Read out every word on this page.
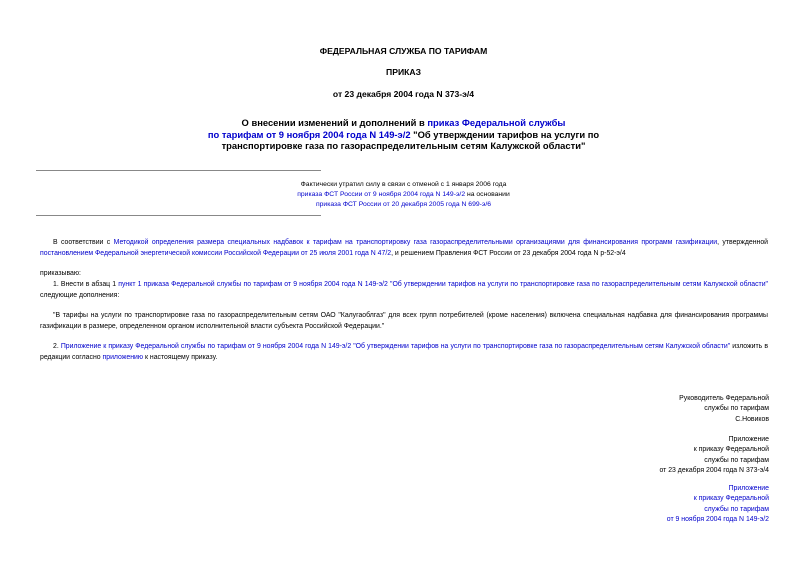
ФЕДЕРАЛЬНАЯ СЛУЖБА ПО ТАРИФАМ
ПРИКАЗ
от 23 декабря 2004 года N 373-э/4
О внесении изменений и дополнений в приказ Федеральной службы
по тарифам от 9 ноября 2004 года N 149-э/2 "Об утверждении тарифов на услуги по
транспортировке газа по газораспределительным сетям Калужской области"
Фактически утратил силу в связи с отменой с 1 января 2006 года
приказа ФСТ России от 9 ноября 2004 года N 149-э/2 на основании
приказа ФСТ России от 20 декабря 2005 года N 699-э/6
В соответствии с Методикой определения размера специальных надбавок к тарифам на транспортировку газа газораспределительными организациями для финансирования программ газификации, утвержденной постановлением Федеральной энергетической комиссии Российской Федерации от 25 июля 2001 года N 47/2, и решением Правления ФСТ России от 23 декабря 2004 года N р-52-э/4
приказываю:
1. Внести в абзац 1 пункт 1 приказа Федеральной службы по тарифам от 9 ноября 2004 года N 149-э/2 "Об утверждении тарифов на услуги по транспортировке газа по газораспределительным сетям Калужской области" следующие дополнения:
"В тарифы на услуги по транспортировке газа по газораспределительным сетям ОАО "Калугаоблгаз" для всех групп потребителей (кроме населения) включена специальная надбавка для финансирования программы газификации в размере, определенном органом исполнительной власти субъекта Российской Федерации."
2. Приложение к приказу Федеральной службы по тарифам от 9 ноября 2004 года N 149-э/2 "Об утверждении тарифов на услуги по транспортировке газа по газораспределительным сетям Калужской области" изложить в редакции согласно приложению к настоящему приказу.
Руководитель Федеральной
службы по тарифам
С.Новиков
Приложение
к приказу Федеральной
службы по тарифам
от 23 декабря 2004 года N 373-э/4
Приложение
к приказу Федеральной
службы по тарифам
от 9 ноября 2004 года N 149-э/2
